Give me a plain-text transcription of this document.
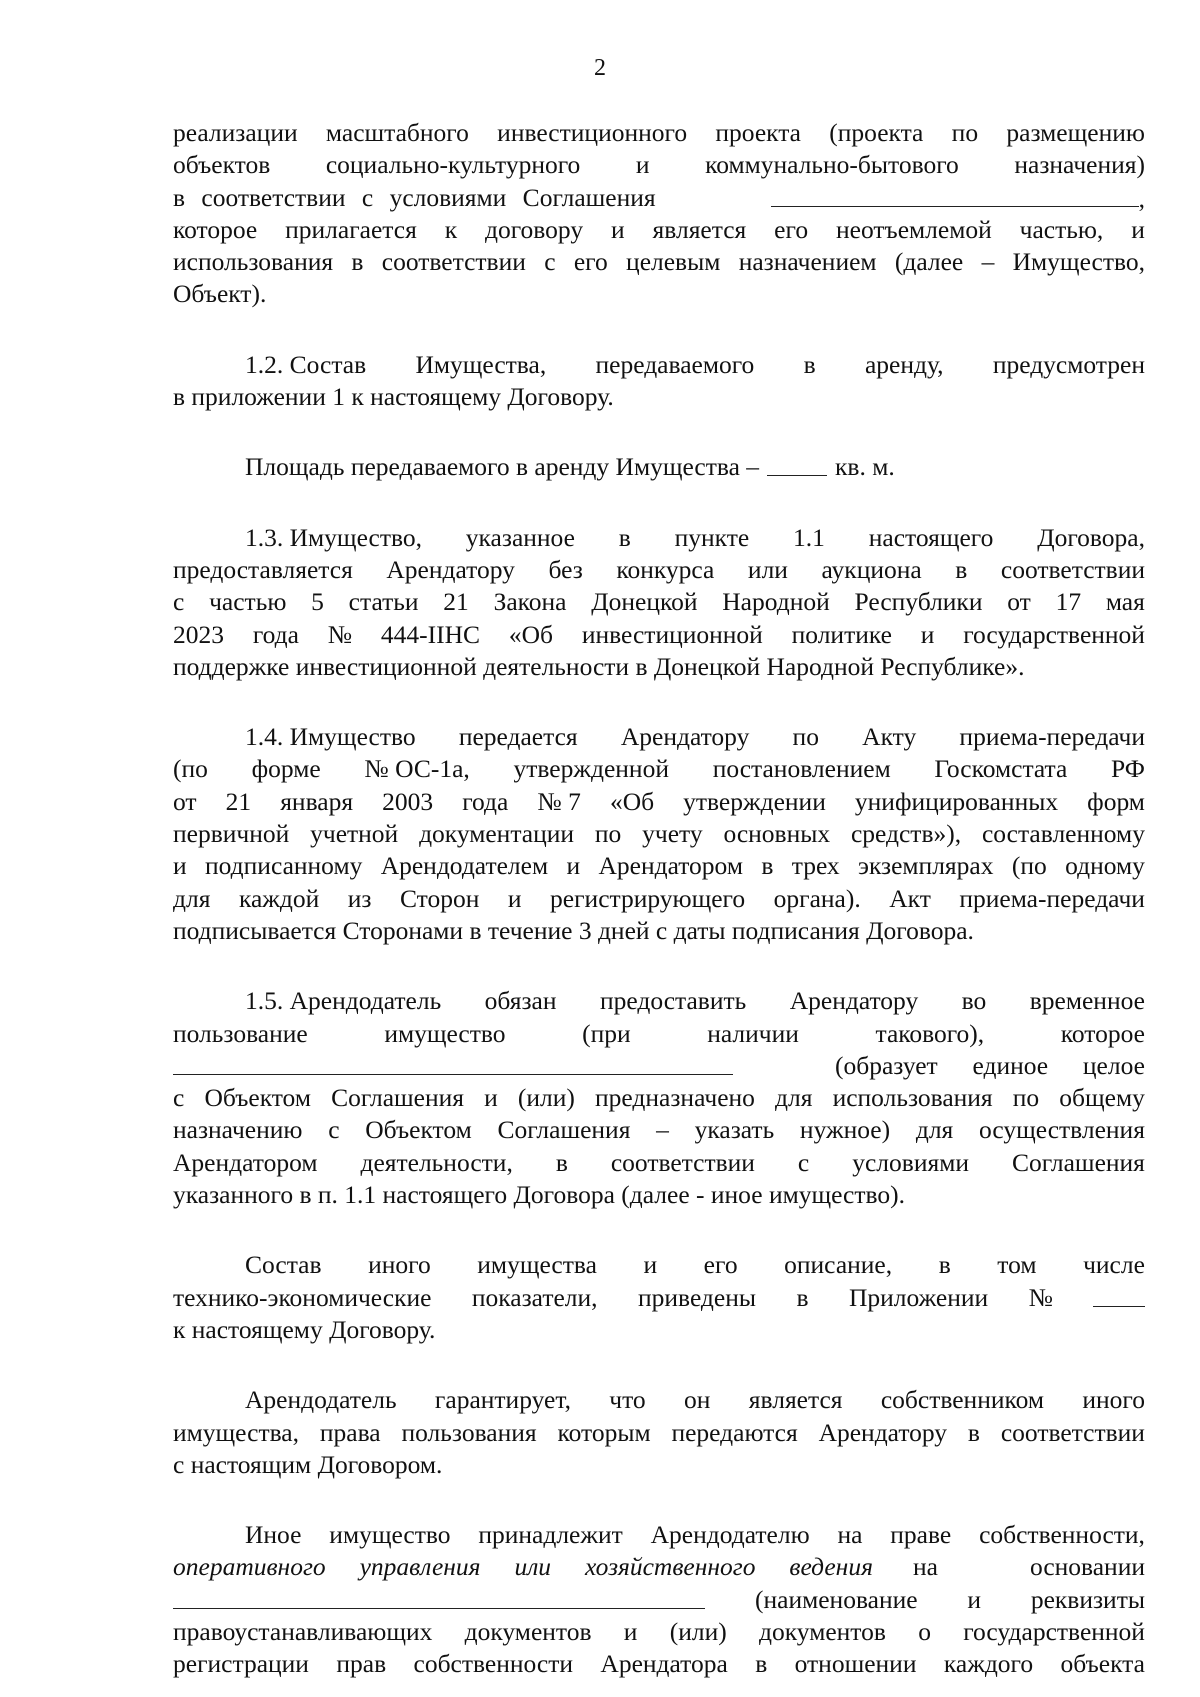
2
реализации масштабного инвестиционного проекта (проекта по размещению
объектов социально-культурного и коммунально-бытового назначения)
в соответствии с условиями Соглашения	,
которое прилагается к договору и является его неотъемлемой частью, и
использования в соответствии с его целевым назначением (далее – Имущество,
Объект).
1.2. Состав Имущества, передаваемого в аренду, предусмотрен
в приложении 1 к настоящему Договору.
Площадь передаваемого в аренду Имущества –	кв. м.
1.3. Имущество, указанное в пункте 1.1 настоящего Договора,
предоставляется Арендатору без конкурса или аукциона в соответствии
с частью 5 статьи 21 Закона Донецкой Народной Республики от 17 мая
2023 года № 444-IIНС «Об инвестиционной политике и государственной
поддержке инвестиционной деятельности в Донецкой Народной Республике».
1.4. Имущество передается Арендатору по Акту приема-передачи
(по форме № ОС-1а, утвержденной постановлением Госкомстата РФ
от 21 января 2003 года № 7 «Об утверждении унифицированных форм
первичной учетной документации по учету основных средств»), составленному
и подписанному Арендодателем и Арендатором в трех экземплярах (по одному
для каждой из Сторон и регистрирующего органа). Акт приема-передачи
подписывается Сторонами в течение 3 дней с даты подписания Договора.
1.5. Арендодатель обязан предоставить Арендатору во временное
пользование	имущество	(при	наличии	такового),	которое
(образует единое целое
с Объектом Соглашения и (или) предназначено для использования по общему
назначению с Объектом Соглашения – указать нужное) для осуществления
Арендатором деятельности, в соответствии с условиями Соглашения
указанного в п. 1.1 настоящего Договора (далее - иное имущество).
Состав иного имущества и его описание, в том числе
технико-экономические показатели, приведены в Приложении №
к настоящему Договору.
Арендодатель гарантирует, что он является собственником иного
имущества, права пользования которым передаются Арендатору в соответствии
с настоящим Договором.
Иное имущество принадлежит Арендодателю на праве собственности,
оперативного управления или хозяйственного ведения на	основании
(наименование и реквизиты
правоустанавливающих документов и (или) документов о государственной
регистрации прав собственности Арендатора в отношении каждого объекта
